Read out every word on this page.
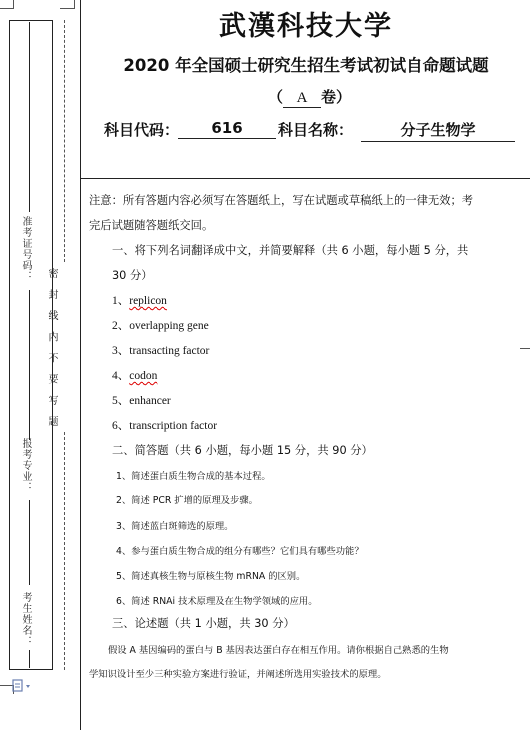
准考证号码：
报考专业：
考生姓名：
密 封 线 内 不 要 写 题
武漢科技大学
2020 年全国硕士研究生招生考试初试自命题试题
（ A 卷）
科目代码：	616	科目名称：	分子生物学
注意：所有答题内容必须写在答题纸上，写在试题或草稿纸上的一律无效；考
完后试题随答题纸交回。
一、将下列名词翻译成中文，并简要解释（共 6 小题，每小题 5 分，共
30 分）
1、replicon
2、overlapping gene
3、transacting factor
4、codon
5、enhancer
6、transcription factor
二、简答题（共 6 小题，每小题 15 分，共 90 分）
1、简述蛋白质生物合成的基本过程。
2、简述 PCR 扩增的原理及步骤。
3、简述蓝白斑筛选的原理。
4、参与蛋白质生物合成的组分有哪些？它们具有哪些功能？
5、简述真核生物与原核生物 mRNA 的区别。
6、简述 RNAi 技术原理及在生物学领域的应用。
三、论述题（共 1 小题，共 30 分）
假设 A 基因编码的蛋白与 B 基因表达蛋白存在相互作用。请你根据自己熟悉的生物
学知识设计至少三种实验方案进行验证，并阐述所选用实验技术的原理。
